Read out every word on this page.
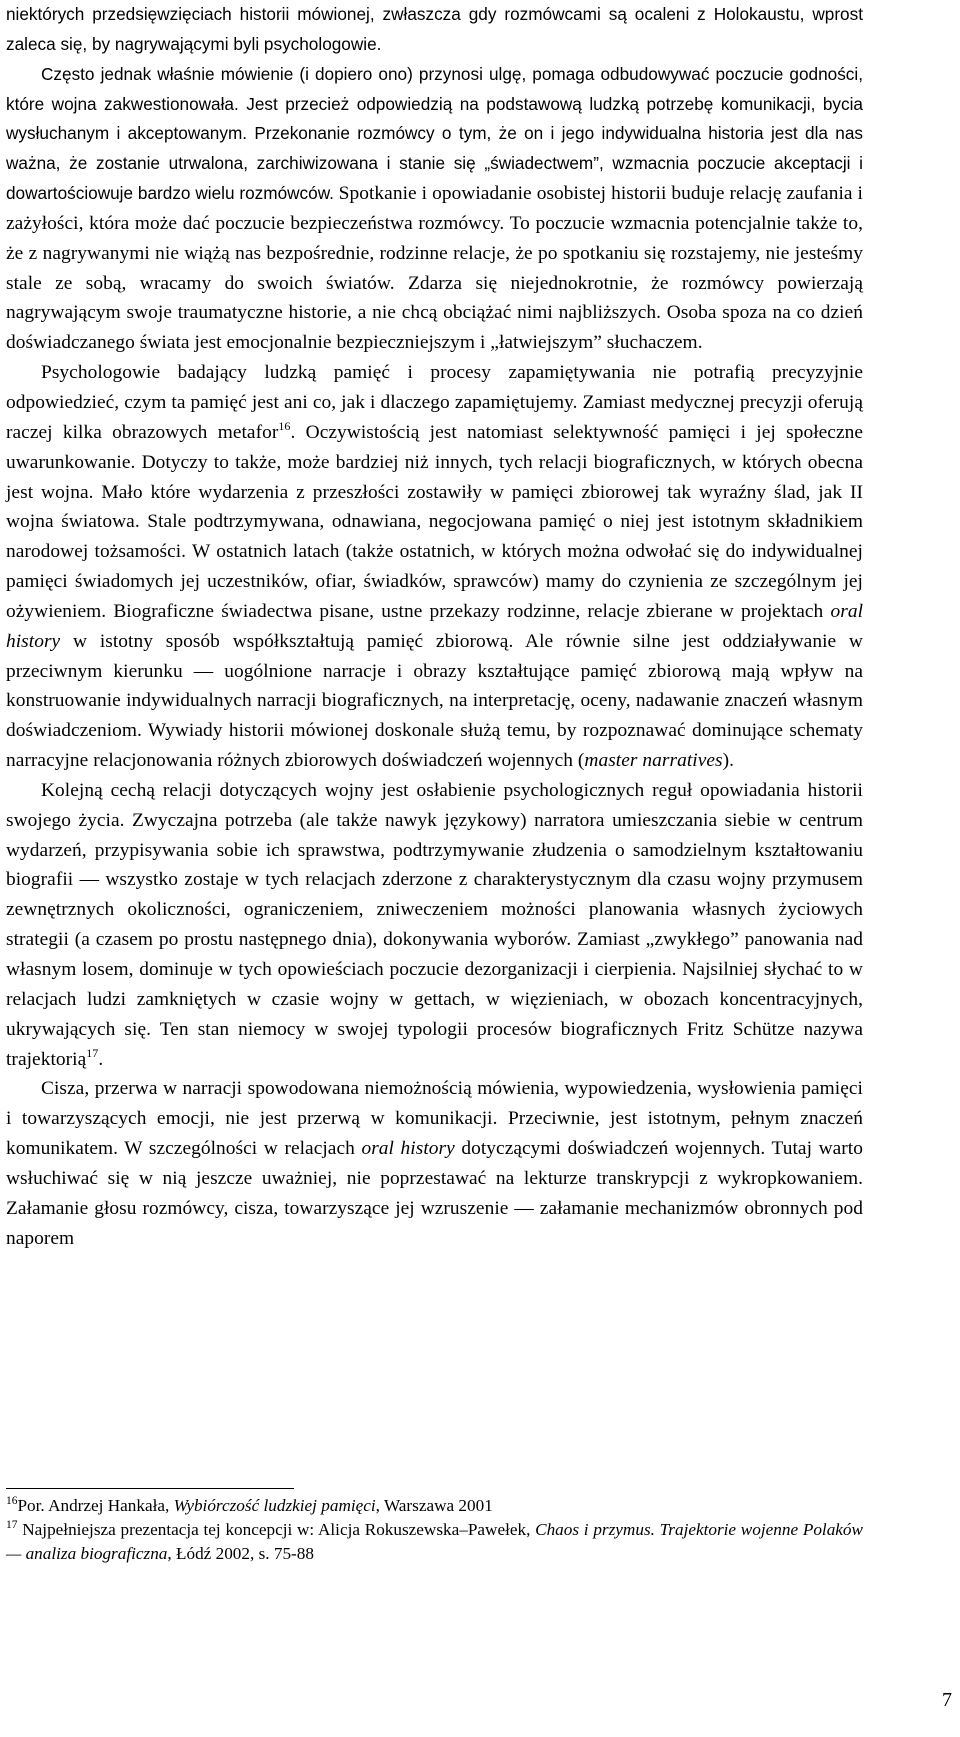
niektórych przedsięwzięciach historii mówionej, zwłaszcza gdy rozmówcami są ocaleni z Holokaustu, wprost zaleca się, by nagrywającymi byli psychologowie.

Często jednak właśnie mówienie (i dopiero ono) przynosi ulgę, pomaga odbudowywać poczucie godności, które wojna zakwestionowała. Jest przecież odpowiedzią na podstawową ludzką potrzebę komunikacji, bycia wysłuchanym i akceptowanym. Przekonanie rozmówcy o tym, że on i jego indywidualna historia jest dla nas ważna, że zostanie utrwalona, zarchiwizowana i stanie się „świadectwem”, wzmacnia poczucie akceptacji i dowartościowuje bardzo wielu rozmówców. Spotkanie i opowiadanie osobistej historii buduje relację zaufania i zażyłości, która może dać poczucie bezpieczeństwa rozmówcy. To poczucie wzmacnia potencjalnie także to, że z nagrywanymi nie wiążą nas bezpośrednie, rodzinne relacje, że po spotkaniu się rozstajemy, nie jesteśmy stale ze sobą, wracamy do swoich światów. Zdarza się niejednokrotnie, że rozmówcy powierzają nagrywającym swoje traumatyczne historie, a nie chcą obciążać nimi najbliższych. Osoba spoza na co dzień doświadczanego świata jest emocjonalnie bezpieczniejszym i „łatwiejszym” słuchaczem.

Psychologowie badający ludzką pamięć i procesy zapamiętywania nie potrafią precyzyjnie odpowiedzieć, czym ta pamięć jest ani co, jak i dlaczego zapamiętujemy. Zamiast medycznej precyzji oferują raczej kilka obrazowych metafor$^{16}$. Oczywistością jest natomiast selektywność pamięci i jej społeczne uwarunkowanie. Dotyczy to także, może bardziej niż innych, tych relacji biograficznych, w których obecna jest wojna. Mało które wydarzenia z przeszłości zostawiły w pamięci zbiorowej tak wyraźny ślad, jak II wojna światowa. Stale podtrzymywana, odnawiana, negocjowana pamięć o niej jest istotnym składnikiem narodowej tożsamości. W ostatnich latach (także ostatnich, w których można odwołać się do indywidualnej pamięci świadomych jej uczestników, ofiar, świadków, sprawców) mamy do czynienia ze szczególnym jej ożywieniem. Biograficzne świadectwa pisane, ustne przekazy rodzinne, relacje zbierane w projektach oral history w istotny sposób współkształtują pamięć zbiorową. Ale równie silne jest oddziaływanie w przeciwnym kierunku — uogólnione narracje i obrazy kształtujące pamięć zbiorową mają wpływ na konstruowanie indywidualnych narracji biograficznych, na interpretację, oceny, nadawanie znaczeń własnym doświadczeniom. Wywiady historii mówionej doskonale służą temu, by rozpoznawać dominujące schematy narracyjne relacjonowania różnych zbiorowych doświadczeń wojennych (master narratives).

Kolejną cechą relacji dotyczących wojny jest osłabienie psychologicznych reguł opowiadania historii swojego życia. Zwyczajna potrzeba (ale także nawyk językowy) narratora umieszczania siebie w centrum wydarzeń, przypisywania sobie ich sprawstwa, podtrzymywanie złudzenia o samodzielnym kształtowaniu biografii — wszystko zostaje w tych relacjach zderzone z charakterystycznym dla czasu wojny przymusem zewnętrznych okoliczności, ograniczeniem, zniweczeniem możności planowania własnych życiowych strategii (a czasem po prostu następnego dnia), dokonywania wyborów. Zamiast „zwykłego” panowania nad własnym losem, dominuje w tych opowieściach poczucie dezorganizacji i cierpienia. Najsilniej słychać to w relacjach ludzi zamkniętych w czasie wojny w gettach, w więzieniach, w obozach koncentracyjnych, ukrywających się. Ten stan niemocy w swojej typologii procesów biograficznych Fritz Schütze nazywa trajektorią$^{17}$.

Cisza, przerwa w narracji spowodowana niemożnością mówienia, wypowiedzenia, wysłowienia pamięci i towarzyszących emocji, nie jest przerwą w komunikacji. Przeciwnie, jest istotnym, pełnym znaczeń komunikatem. W szczególności w relacjach oral history dotyczącymi doświadczeń wojennych. Tutaj warto wsłuchiwać się w nią jeszcze uważniej, nie poprzestawać na lekturze transkrypcji z wykropkowaniem. Załamanie głosu rozmówcy, cisza, towarzyszące jej wzruszenie — załamanie mechanizmów obronnych pod naporem

$^{16}$Por. Andrzej Hankała, Wybiórczość ludzkiej pamięci, Warszawa 2001

$^{17}$ Najpełniejsza prezentacja tej koncepcji w: Alicja Rokuszewska–Pawełek, Chaos i przymus. Trajektorie wojenne Polaków — analiza biograficzna, Łódź 2002, s. 75-88

7
